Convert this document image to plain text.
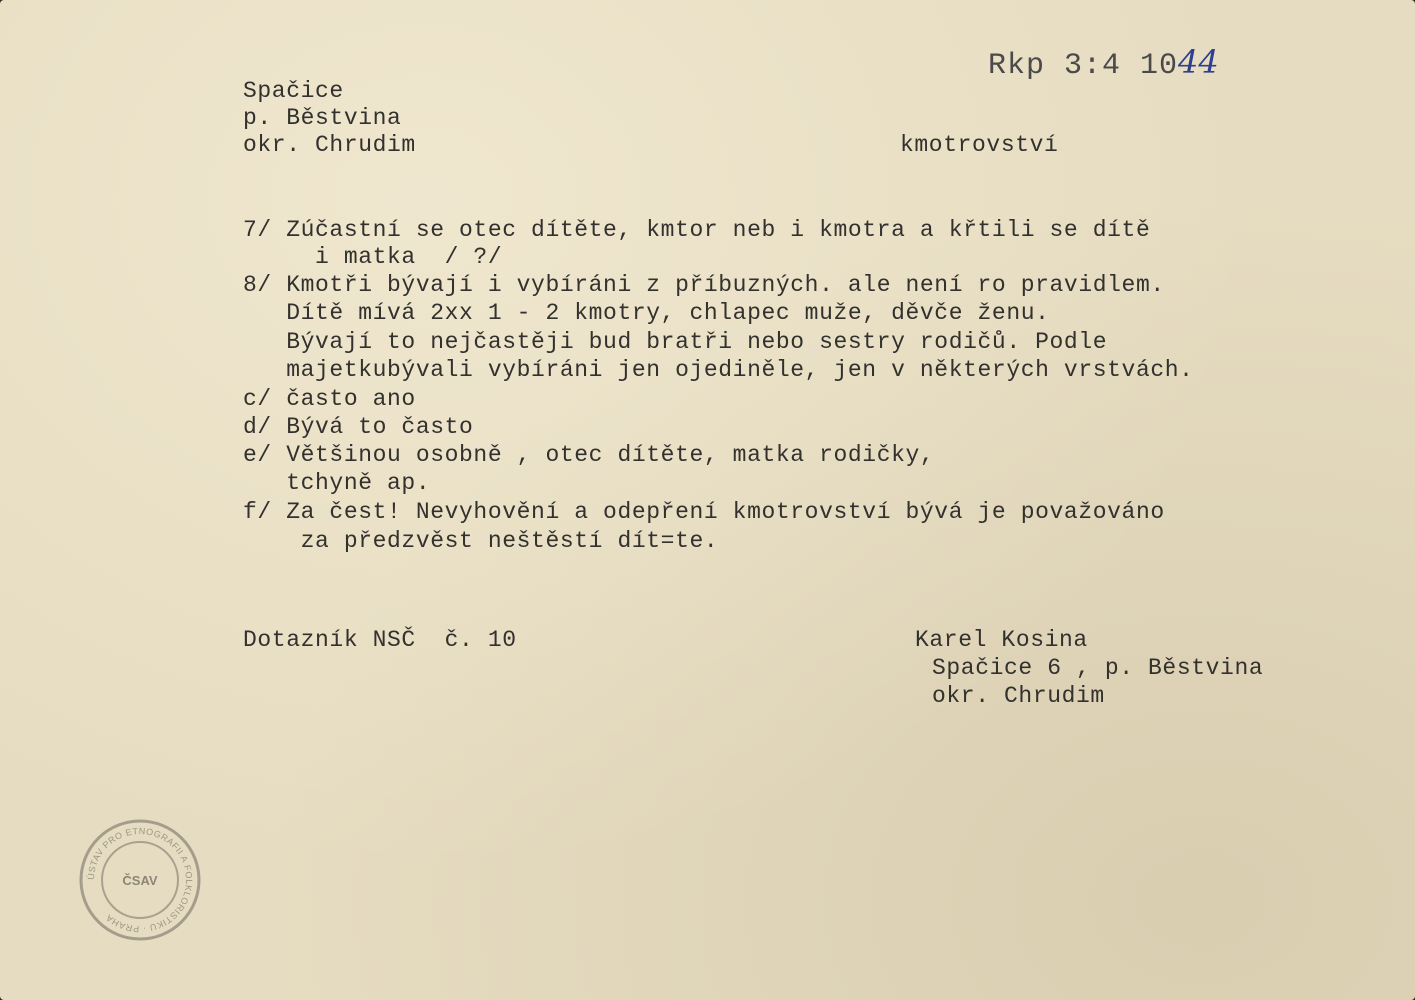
Rkp 3:4 1044
Spačice
p. Běstvina
okr. Chrudim	kmotrovství
7/ Zúčastní se otec dítěte, kmtor neb i kmotra a křtili se dítě
i matka  / ?/
8/ Kmotři bývají i vybíráni z příbuzných. ale není ro pravidlem.
Dítě mívá 2xx 1 - 2 kmotry, chlapec muže, děvče ženu.
Bývají to nejčastěji bud bratři nebo sestry rodičů. Podle
majetkubývali vybíráni jen ojediněle, jen v některých vrstvách.
c/ často ano
d/ Bývá to často
e/ Většinou osobně , otec dítěte, matka rodičky,
tchyně ap.
f/ Za čest! Nevyhovění a odepření kmotrovství bývá je považováno
za předzvěst neštěstí dít=te.
Dotazník NSČ  č. 10	Karel Kosina
Spačice 6 , p. Běstvina
okr. Chrudim
ÚSTAV PRO ETNOGRAFII A FOLKLORISTIKU · PRAHA
ČSAV
